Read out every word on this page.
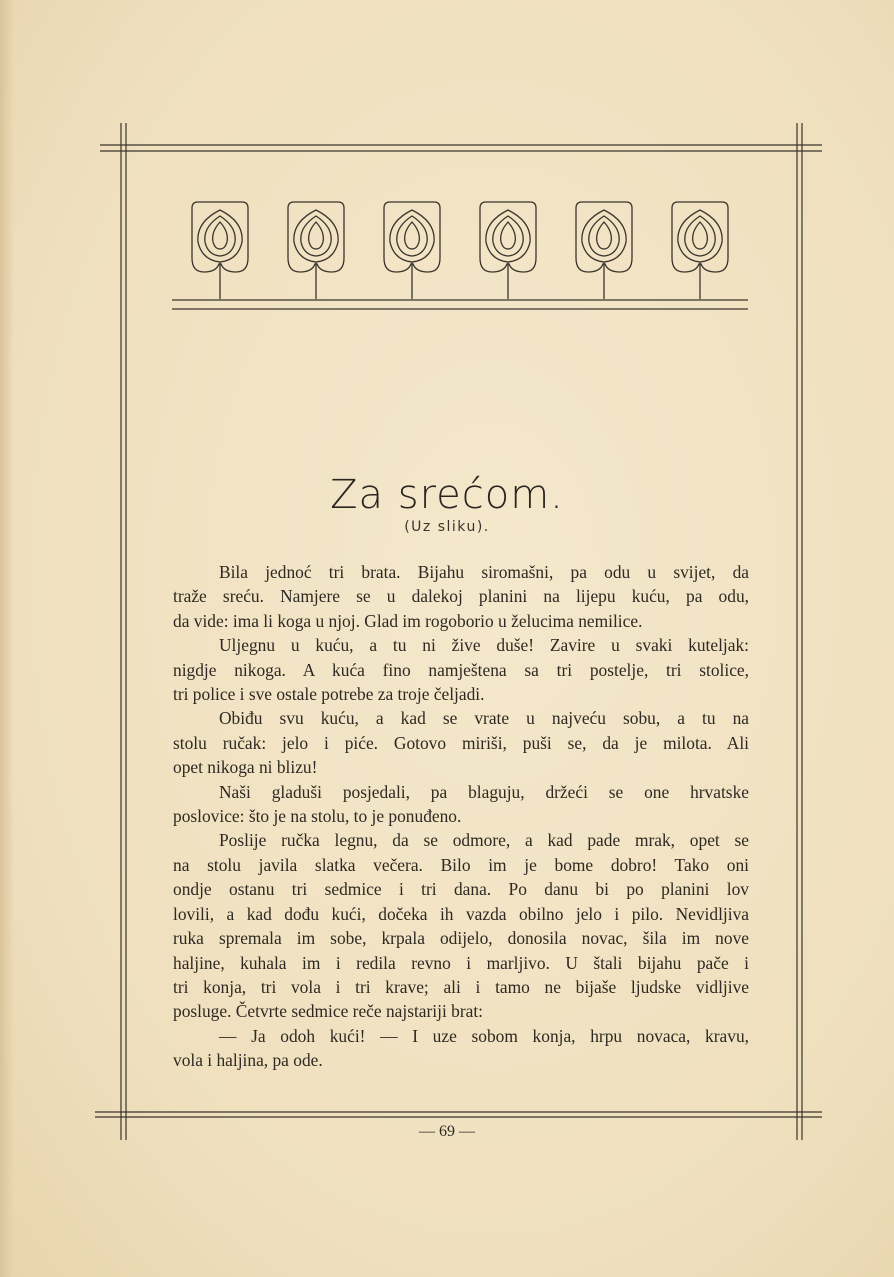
Za srećom.
(Uz sliku).
Bila jednoć tri brata. Bijahu siromašni, pa odu u svijet, da
traže sreću. Namjere se u dalekoj planini na lijepu kuću, pa odu,
da vide: ima li koga u njoj. Glad im rogoborio u želucima nemilice.
Uljegnu u kuću, a tu ni žive duše! Zavire u svaki kuteljak:
nigdje nikoga. A kuća fino namještena sa tri postelje, tri stolice,
tri police i sve ostale potrebe za troje čeljadi.
Obiđu svu kuću, a kad se vrate u najveću sobu, a tu na
stolu ručak: jelo i piće. Gotovo miriši, puši se, da je milota. Ali
opet nikoga ni blizu!
Naši gladuši posjedali, pa blaguju, držeći se one hrvatske
poslovice: što je na stolu, to je ponuđeno.
Poslije ručka legnu, da se odmore, a kad pade mrak, opet se
na stolu javila slatka večera. Bilo im je bome dobro! Tako oni
ondje ostanu tri sedmice i tri dana. Po danu bi po planini lov
lovili, a kad dođu kući, dočeka ih vazda obilno jelo i pilo. Nevidljiva
ruka spremala im sobe, krpala odijelo, donosila novac, šila im nove
haljine, kuhala im i redila revno i marljivo. U štali bijahu pače i
tri konja, tri vola i tri krave; ali i tamo ne bijaše ljudske vidljive
posluge. Četvrte sedmice reče najstariji brat:
— Ja odoh kući! — I uze sobom konja, hrpu novaca, kravu,
vola i haljina, pa ode.
— 69 —
